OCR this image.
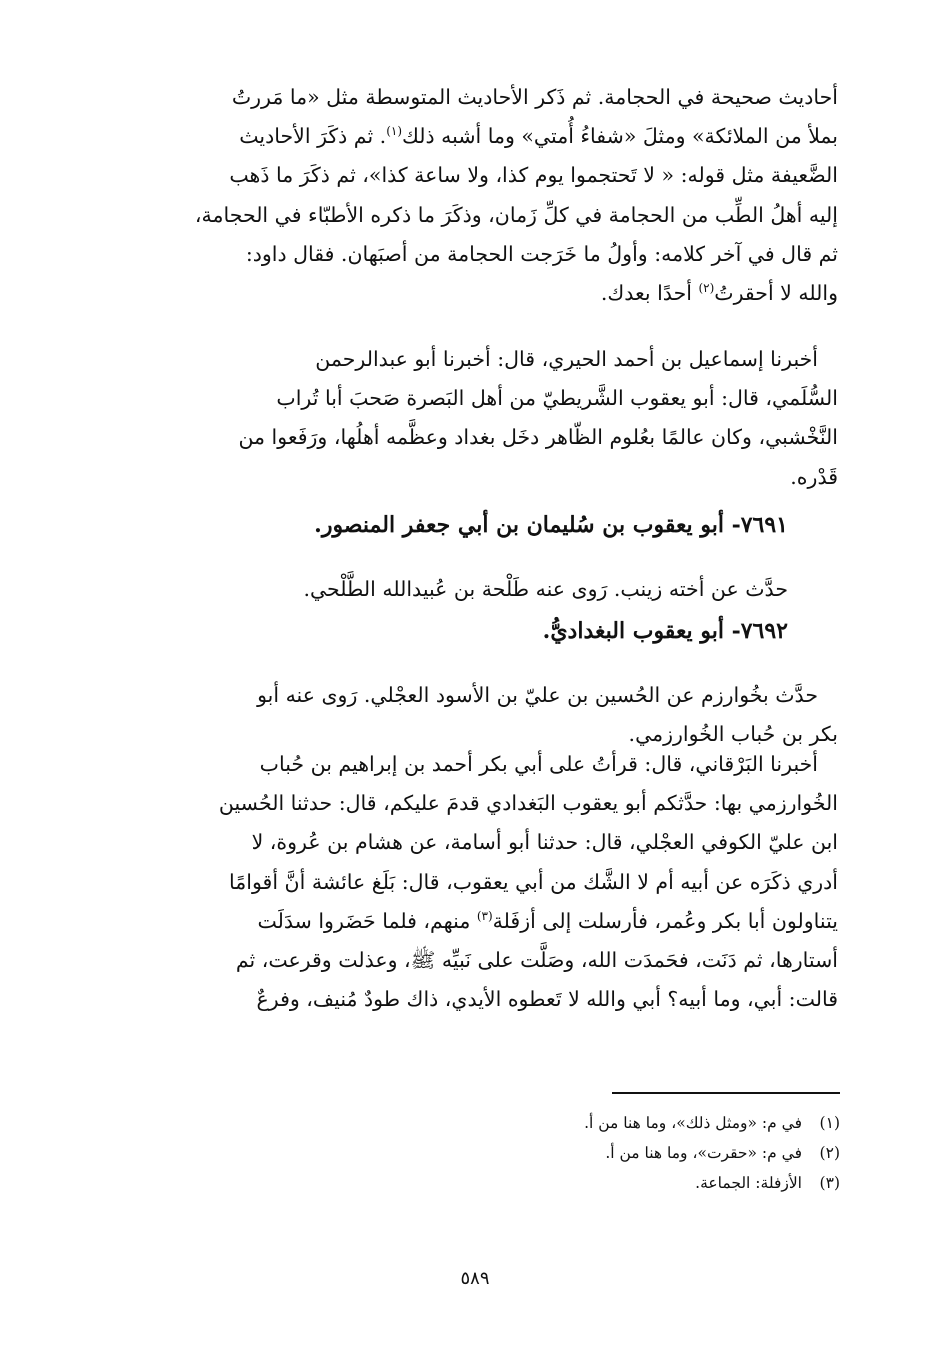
أحاديث صحيحة في الحجامة. ثم ذَكر الأحاديث المتوسطة مثل «ما مَررتُ

بملأ من الملائكة» ومثلَ «شفاءُ أُمتي» وما أشبه ذلك$^{(١)}$. ثم ذكَرَ الأحاديث

الضَّعيفة مثل قوله: « لا تَحتجموا يوم كذا، ولا ساعة كذا»، ثم ذكَرَ ما ذَهب

إليه أهلُ الطِّب من الحجامة في كلِّ زَمان، وذكَرَ ما ذكره الأطبّاء في الحجامة،

ثم قال في آخر كلامه: وأولُ ما خَرَجت الحجامة من أصبَهان. فقال داود:

والله لا أحقرتُ$^{(٢)}$ أحدًا بعدك.

أخبرنا إسماعيل بن أحمد الحيري، قال: أخبرنا أبو عبدالرحمن

السُّلَمي، قال: أبو يعقوب الشَّريطيّ من أهل البَصرة صَحبَ أبا تُراب

النَّخْشبي، وكان عالمًا بعُلوم الظّاهر دخَل بغداد وعظَّمه أهلُها، ورَفَعوا من

قَدْره.

٧٦٩١- أبو يعقوب بن سُليمان بن أبي جعفر المنصور.

حدَّث عن أخته زينب. رَوى عنه طَلْحة بن عُبيدالله الطَّلْحي.

٧٦٩٢- أبو يعقوب البغداديُّ.

حدَّث بخُوارزم عن الحُسين بن عليّ بن الأسود العجْلي. رَوى عنه أبو

بكر بن حُباب الخُوارزمي.

أخبرنا البَرْقاني، قال: قرأتُ على أبي بكر أحمد بن إبراهيم بن حُباب

الخُوارزمي بها: حدَّثكم أبو يعقوب البَغدادي قدمَ عليكم، قال: حدثنا الحُسين

ابن عليّ الكوفي العجْلي، قال: حدثنا أبو أسامة، عن هشام بن عُروة، لا

أدري ذكَرَه عن أبيه أم لا الشَّك من أبي يعقوب، قال: بَلَغ عائشة أنَّ أقوامًا

يتناولون أبا بكر وعُمر، فأرسلت إلى أزفَلة$^{(٣)}$ منهم، فلما حَضَروا سدَلَت

أستارها، ثم دَنَت، فحَمدَت الله، وصَلَّت على نَبيِّه ﷺ، وعذلت وقرعت، ثم

قالت: أبي، وما أبيه؟ أبي والله لا تَعطوه الأيدي، ذاك طودٌ مُنيف، وفرعٌ

(١)في م: «ومثل ذلك»، وما هنا من أ.
(٢)في م: «حقرت»، وما هنا من أ.
(٣)الأزفلة: الجماعة.
٥٨٩
